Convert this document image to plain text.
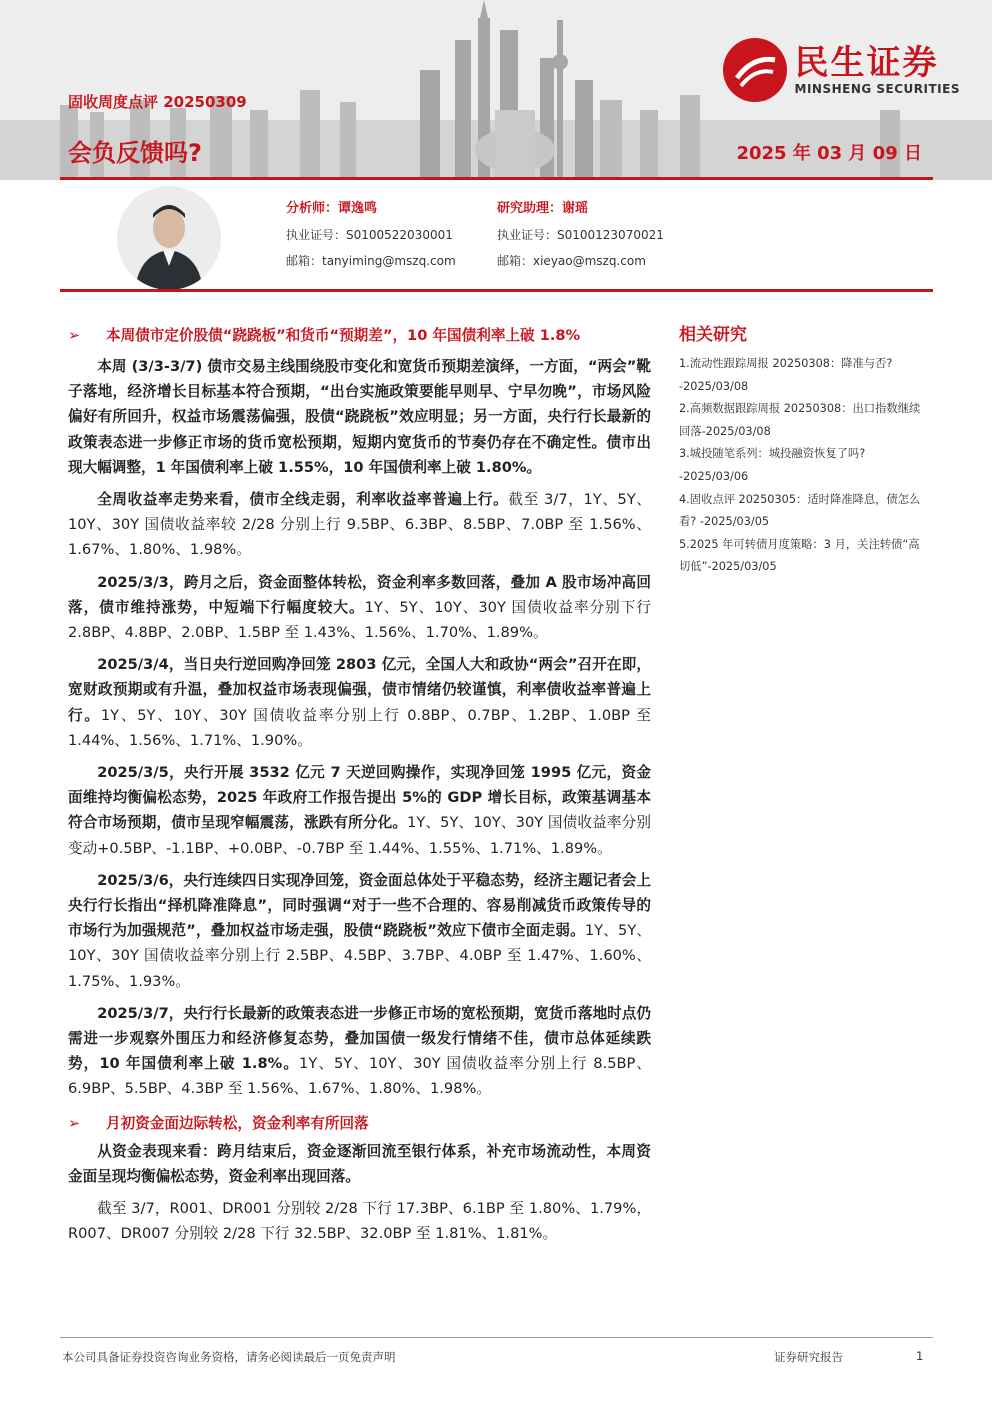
民生证券
MINSHENG SECURITIES
固收周度点评 20250309
会负反馈吗?	2025 年 03 月 09 日
分析师：谭逸鸣
执业证号：S0100522030001
邮箱：tanyiming@mszq.com
研究助理：谢瑶
执业证号：S0100123070021
邮箱：xieyao@mszq.com
➢	本周债市定价股债“跷跷板”和货币“预期差”，10 年国债利率上破 1.8%

本周 (3/3-3/7) 债市交易主线围绕股市变化和宽货币预期差演绎，一方面，“两会”靴子落地，经济增长目标基本符合预期，“出台实施政策要能早则早、宁早勿晚”，市场风险偏好有所回升，权益市场震荡偏强，股债“跷跷板”效应明显；另一方面，央行行长最新的政策表态进一步修正市场的货币宽松预期，短期内宽货币的节奏仍存在不确定性。债市出现大幅调整，1 年国债利率上破 1.55%，10 年国债利率上破 1.80%。

全周收益率走势来看，债市全线走弱，利率收益率普遍上行。截至 3/7，1Y、5Y、10Y、30Y 国债收益率较 2/28 分别上行 9.5BP、6.3BP、8.5BP、7.0BP 至 1.56%、1.67%、1.80%、1.98%。

2025/3/3，跨月之后，资金面整体转松，资金利率多数回落，叠加 A 股市场冲高回落，债市维持涨势，中短端下行幅度较大。1Y、5Y、10Y、30Y 国债收益率分别下行 2.8BP、4.8BP、2.0BP、1.5BP 至 1.43%、1.56%、1.70%、1.89%。

2025/3/4，当日央行逆回购净回笼 2803 亿元，全国人大和政协“两会”召开在即，宽财政预期或有升温，叠加权益市场表现偏强，债市情绪仍较谨慎，利率债收益率普遍上行。1Y、5Y、10Y、30Y 国债收益率分别上行 0.8BP、0.7BP、1.2BP、1.0BP 至 1.44%、1.56%、1.71%、1.90%。

2025/3/5，央行开展 3532 亿元 7 天逆回购操作，实现净回笼 1995 亿元，资金面维持均衡偏松态势，2025 年政府工作报告提出 5%的 GDP 增长目标，政策基调基本符合市场预期，债市呈现窄幅震荡，涨跌有所分化。1Y、5Y、10Y、30Y 国债收益率分别变动+0.5BP、-1.1BP、+0.0BP、-0.7BP 至 1.44%、1.55%、1.71%、1.89%。

2025/3/6，央行连续四日实现净回笼，资金面总体处于平稳态势，经济主题记者会上央行行长指出“择机降准降息”，同时强调“对于一些不合理的、容易削减货币政策传导的市场行为加强规范”，叠加权益市场走强，股债“跷跷板”效应下债市全面走弱。1Y、5Y、10Y、30Y 国债收益率分别上行 2.5BP、4.5BP、3.7BP、4.0BP 至 1.47%、1.60%、1.75%、1.93%。

2025/3/7，央行行长最新的政策表态进一步修正市场的宽松预期，宽货币落地时点仍需进一步观察外围压力和经济修复态势，叠加国债一级发行情绪不佳，债市总体延续跌势，10 年国债利率上破 1.8%。1Y、5Y、10Y、30Y 国债收益率分别上行 8.5BP、6.9BP、5.5BP、4.3BP 至 1.56%、1.67%、1.80%、1.98%。

➢	月初资金面边际转松，资金利率有所回落

从资金表现来看：跨月结束后，资金逐渐回流至银行体系，补充市场流动性，本周资金面呈现均衡偏松态势，资金利率出现回落。

截至 3/7，R001、DR001 分别较 2/28 下行 17.3BP、6.1BP 至 1.80%、1.79%，R007、DR007 分别较 2/28 下行 32.5BP、32.0BP 至 1.81%、1.81%。

相关研究
1.流动性跟踪周报 20250308：降准与否? -2025/03/08
2.高频数据跟踪周报 20250308：出口指数继续回落-2025/03/08
3.城投随笔系列：城投融资恢复了吗? -2025/03/06
4.固收点评 20250305：适时降准降息，债怎么看? -2025/03/05
5.2025 年可转债月度策略：3 月，关注转债“高切低”-2025/03/05
本公司具备证券投资咨询业务资格，请务必阅读最后一页免责声明	证券研究报告	1
